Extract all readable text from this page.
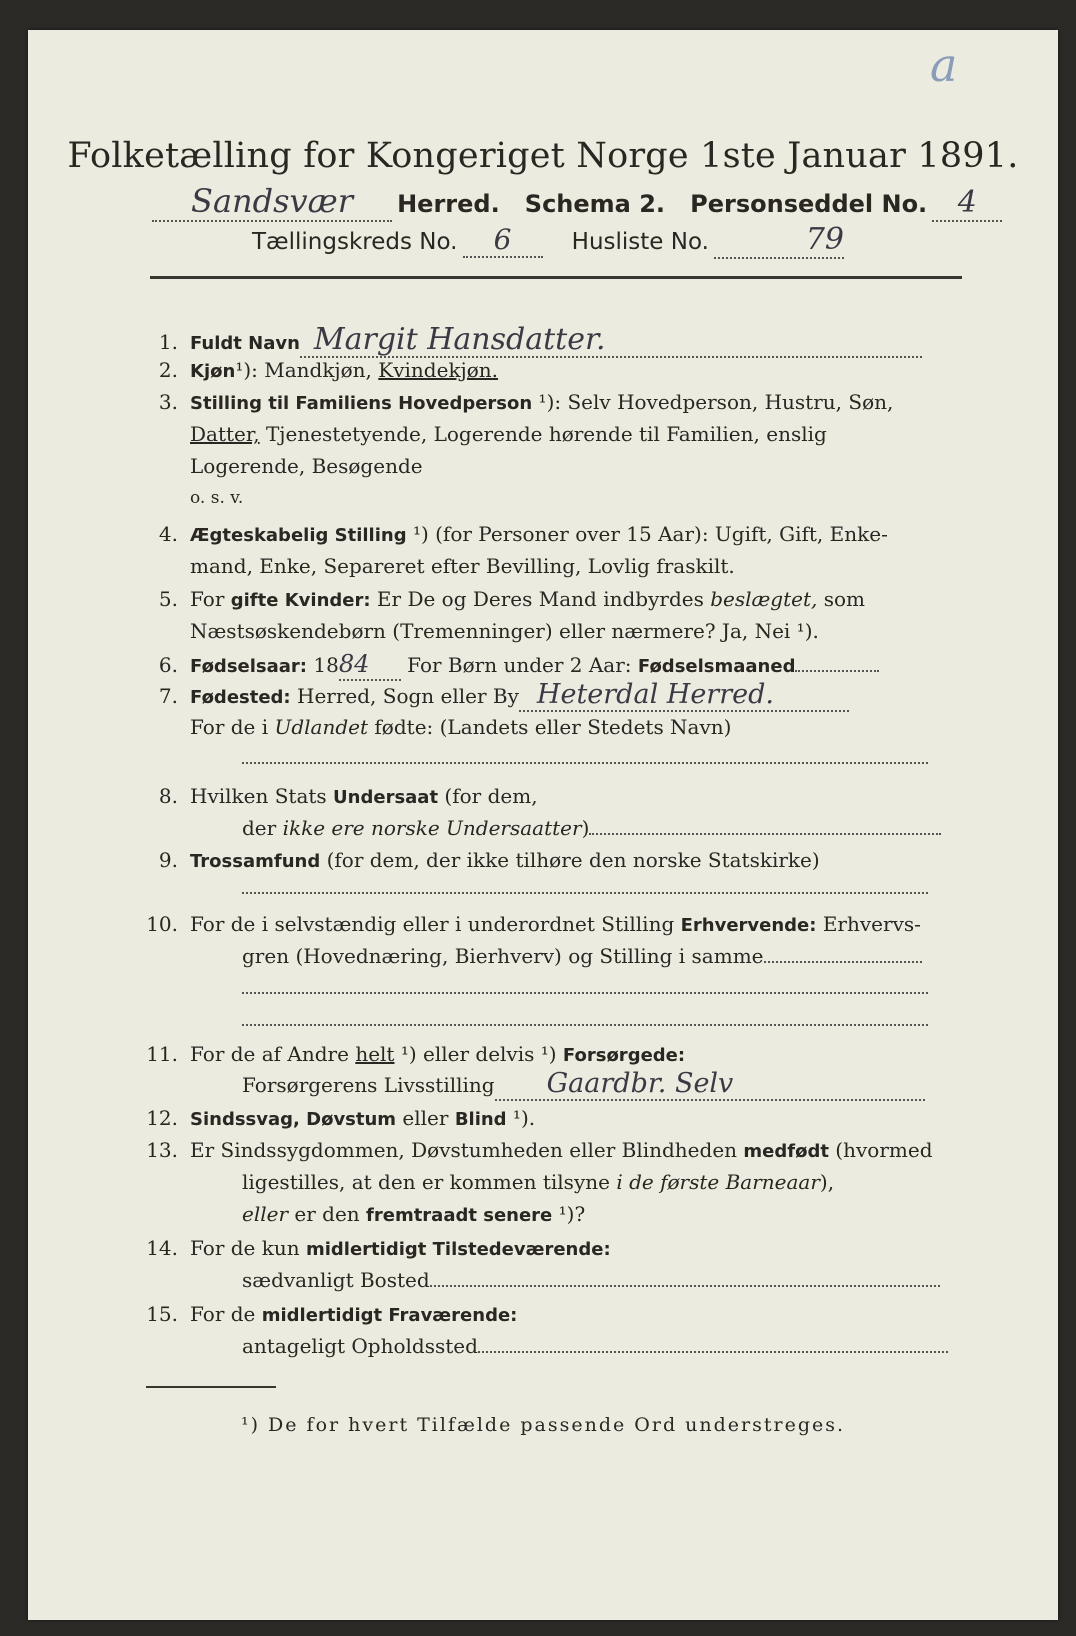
a
Folketælling for Kongeriget Norge 1ste Januar 1891.
Sandsvær Herred. Schema 2. Personseddel No. 4
Tællingskreds No. 6	Husliste No.	79
1. Fuldt Navn Margit Hansdatter.
2. Kjøn¹): Mandkjøn, Kvindekjøn.
3. Stilling til Familiens Hovedperson ¹): Selv Hovedperson, Hustru, Søn,
Datter, Tjenestetyende, Logerende hørende til Familien, enslig
Logerende, Besøgende
o. s. v.
4. Ægteskabelig Stilling ¹) (for Personer over 15 Aar): Ugift, Gift, Enke-
mand, Enke, Separeret efter Bevilling, Lovlig fraskilt.
5. For gifte Kvinder: Er De og Deres Mand indbyrdes beslægtet, som
Næstsøskendebørn (Tremenninger) eller nærmere? Ja, Nei ¹).
6. Fødselsaar: 1884 For Børn under 2 Aar: Fødselsmaaned
7. Fødested: Herred, Sogn eller By Heterdal Herred.
For de i Udlandet fødte: (Landets eller Stedets Navn)
8. Hvilken Stats Undersaat (for dem,
der ikke ere norske Undersaatter)
9. Trossamfund (for dem, der ikke tilhøre den norske Statskirke)
10. For de i selvstændig eller i underordnet Stilling Erhvervende: Erhvervs-
gren (Hovednæring, Bierhverv) og Stilling i samme
11. For de af Andre helt ¹) eller delvis ¹) Forsørgede:
Forsørgerens Livsstilling Gaardbr. Selv
12. Sindssvag, Døvstum eller Blind ¹).
13. Er Sindssygdommen, Døvstumheden eller Blindheden medfødt (hvormed
ligestilles, at den er kommen tilsyne i de første Barneaar),
eller er den fremtraadt senere ¹)?
14. For de kun midlertidigt Tilstedeværende:
sædvanligt Bosted
15. For de midlertidigt Fraværende:
antageligt Opholdssted
¹) De for hvert Tilfælde passende Ord understreges.
